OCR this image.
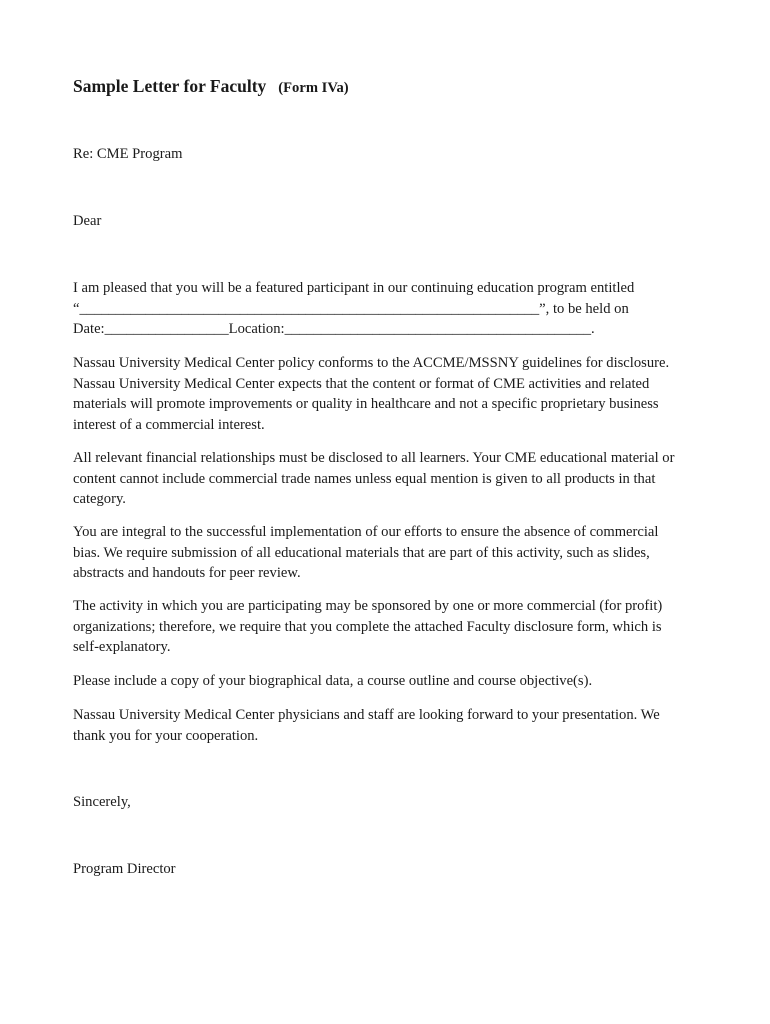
Sample Letter for Faculty (Form IVa)
Re: CME Program
Dear
I am pleased that you will be a featured participant in our continuing education program entitled
“_______________________________________________________________”, to be held on
Date:_________________Location:__________________________________________.
Nassau University Medical Center policy conforms to the ACCME/MSSNY guidelines for disclosure.
Nassau University Medical Center expects that the content or format of CME activities and related
materials will promote improvements or quality in healthcare and not a specific proprietary business
interest of a commercial interest.
All relevant financial relationships must be disclosed to all learners. Your CME educational material or
content cannot include commercial trade names unless equal mention is given to all products in that
category.
You are integral to the successful implementation of our efforts to ensure the absence of commercial
bias. We require submission of all educational materials that are part of this activity, such as slides,
abstracts and handouts for peer review.
The activity in which you are participating may be sponsored by one or more commercial (for profit)
organizations; therefore, we require that you complete the attached Faculty disclosure form, which is
self-explanatory.
Please include a copy of your biographical data, a course outline and course objective(s).
Nassau University Medical Center physicians and staff are looking forward to your presentation. We
thank you for your cooperation.
Sincerely,
Program Director
